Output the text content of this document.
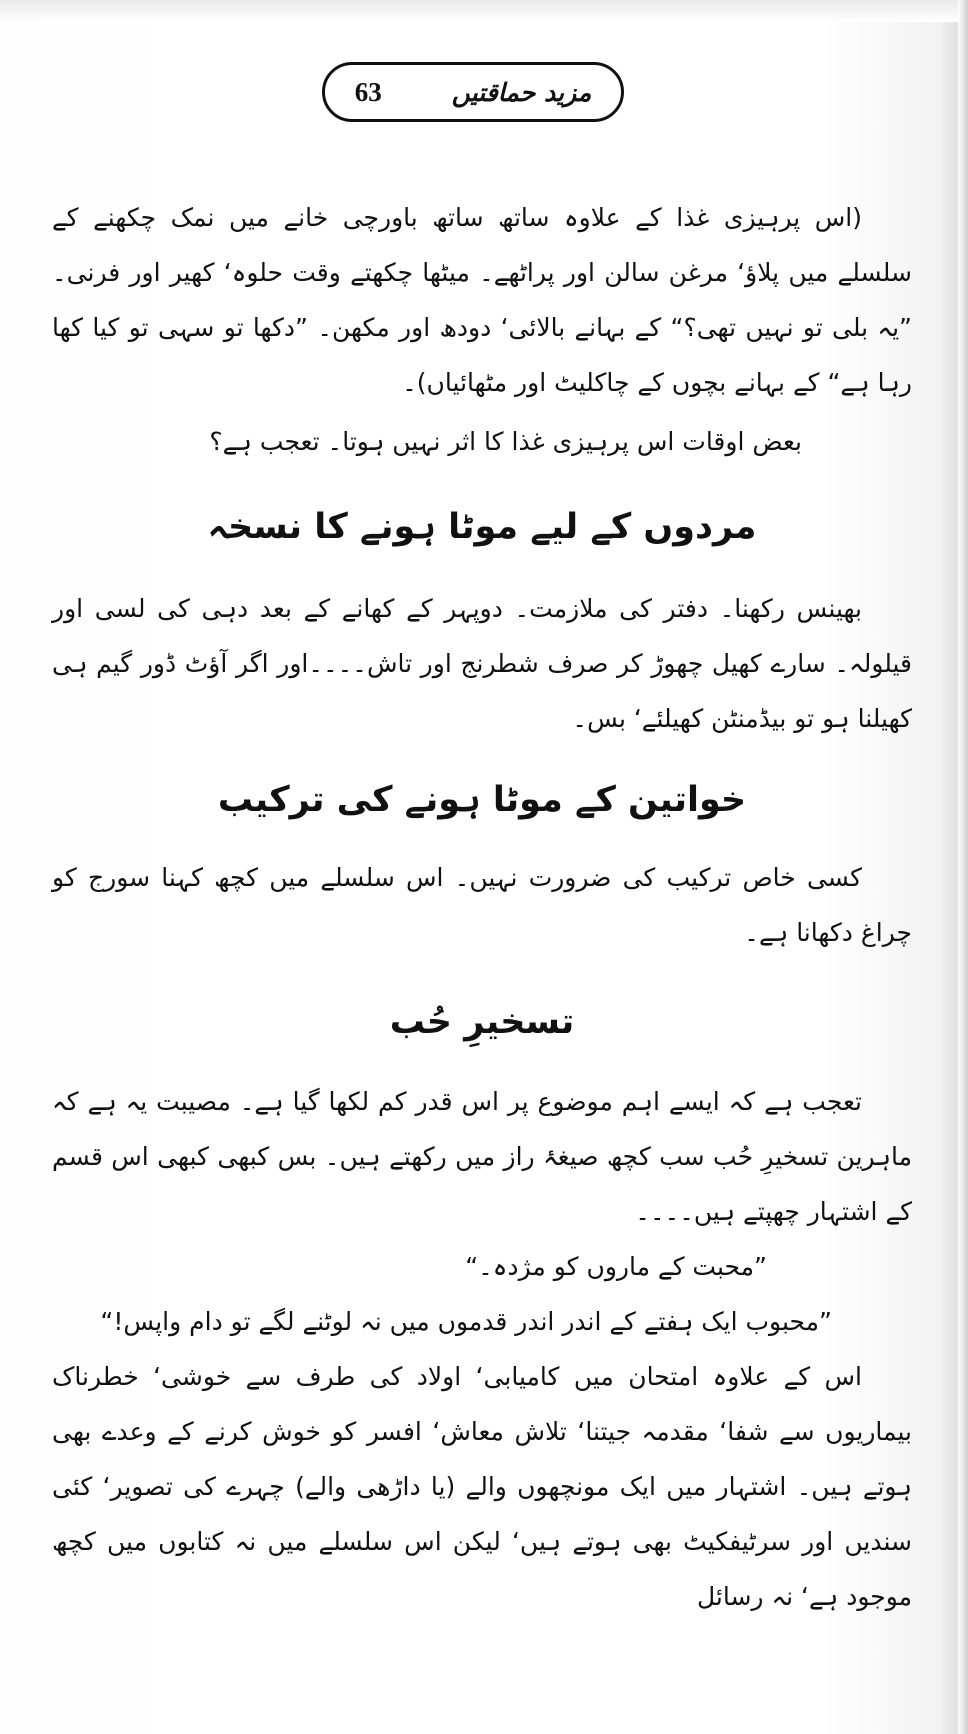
مزید حماقتیں
63

(اس پرہیزی غذا کے علاوہ ساتھ ساتھ باورچی خانے میں نمک چکھنے کے سلسلے میں پلاؤ‘ مرغن سالن اور پراٹھے۔ میٹھا چکھتے وقت حلوہ‘ کھیر اور فرنی۔ ”یہ بلی تو نہیں تھی؟“ کے بہانے بالائی‘ دودھ اور مکھن۔ ”دکھا تو سہی تو کیا کھا رہا ہے“ کے بہانے بچوں کے چاکلیٹ اور مٹھائیاں)۔

بعض اوقات اس پرہیزی غذا کا اثر نہیں ہوتا۔ تعجب ہے؟

مردوں کے لیے موٹا ہونے کا نسخہ

بھینس رکھنا۔ دفتر کی ملازمت۔ دوپہر کے کھانے کے بعد دہی کی لسی اور قیلولہ۔ سارے کھیل چھوڑ کر صرف شطرنج اور تاش۔۔۔۔اور اگر آؤٹ ڈور گیم ہی کھیلنا ہو تو بیڈمنٹن کھیلئے‘ بس۔

خواتین کے موٹا ہونے کی ترکیب

کسی خاص ترکیب کی ضرورت نہیں۔ اس سلسلے میں کچھ کہنا سورج کو چراغ دکھانا ہے۔

تسخیرِ حُب

تعجب ہے کہ ایسے اہم موضوع پر اس قدر کم لکھا گیا ہے۔ مصیبت یہ ہے کہ ماہرین تسخیرِ حُب سب کچھ صیغۂ راز میں رکھتے ہیں۔ بس کبھی کبھی اس قسم کے اشتہار چھپتے ہیں۔۔۔۔

”محبت کے ماروں کو مژدہ۔“

”محبوب ایک ہفتے کے اندر اندر قدموں میں نہ لوٹنے لگے تو دام واپس!“

اس کے علاوہ امتحان میں کامیابی‘ اولاد کی طرف سے خوشی‘ خطرناک بیماریوں سے شفا‘ مقدمہ جیتنا‘ تلاش معاش‘ افسر کو خوش کرنے کے وعدے بھی ہوتے ہیں۔ اشتہار میں ایک مونچھوں والے (یا داڑھی والے) چہرے کی تصویر‘ کئی سندیں اور سرٹیفکیٹ بھی ہوتے ہیں‘ لیکن اس سلسلے میں نہ کتابوں میں کچھ موجود ہے‘ نہ رسائل
